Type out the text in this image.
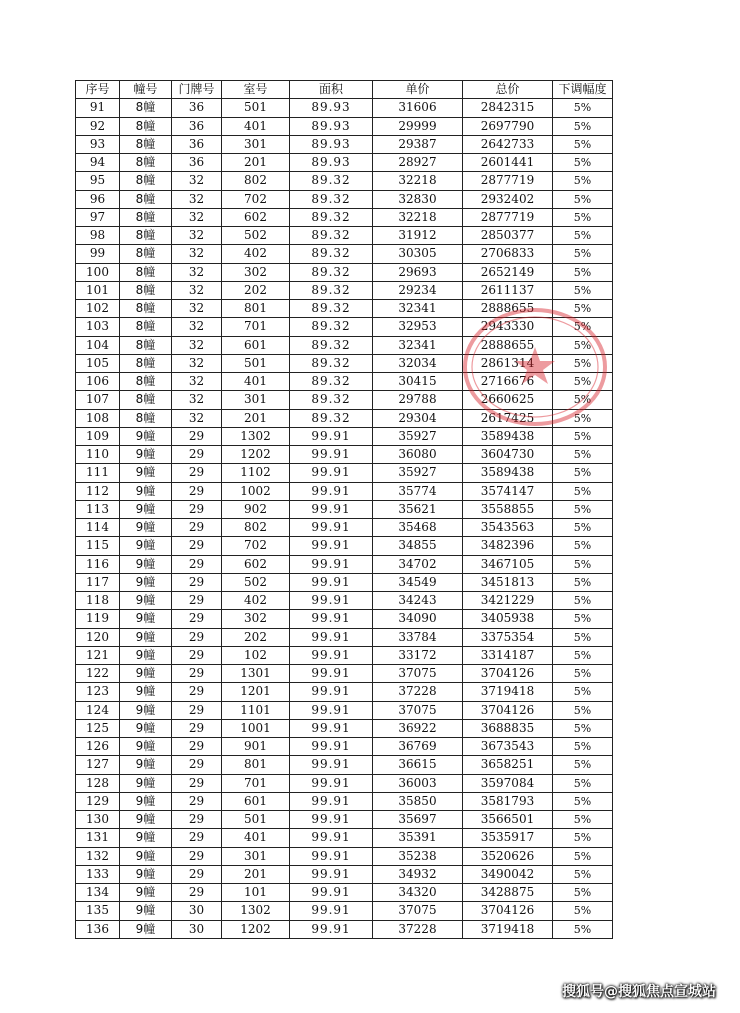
序号	幢号	门牌号	室号	面积	单价	总价	下调幅度
91	8幢	36	501	89.93	31606	2842315	5%
92	8幢	36	401	89.93	29999	2697790	5%
93	8幢	36	301	89.93	29387	2642733	5%
94	8幢	36	201	89.93	28927	2601441	5%
95	8幢	32	802	89.32	32218	2877719	5%
96	8幢	32	702	89.32	32830	2932402	5%
97	8幢	32	602	89.32	32218	2877719	5%
98	8幢	32	502	89.32	31912	2850377	5%
99	8幢	32	402	89.32	30305	2706833	5%
100	8幢	32	302	89.32	29693	2652149	5%
101	8幢	32	202	89.32	29234	2611137	5%
102	8幢	32	801	89.32	32341	2888655	5%
103	8幢	32	701	89.32	32953	2943330	5%
104	8幢	32	601	89.32	32341	2888655	5%
105	8幢	32	501	89.32	32034	2861314	5%
106	8幢	32	401	89.32	30415	2716676	5%
107	8幢	32	301	89.32	29788	2660625	5%
108	8幢	32	201	89.32	29304	2617425	5%
109	9幢	29	1302	99.91	35927	3589438	5%
110	9幢	29	1202	99.91	36080	3604730	5%
111	9幢	29	1102	99.91	35927	3589438	5%
112	9幢	29	1002	99.91	35774	3574147	5%
113	9幢	29	902	99.91	35621	3558855	5%
114	9幢	29	802	99.91	35468	3543563	5%
115	9幢	29	702	99.91	34855	3482396	5%
116	9幢	29	602	99.91	34702	3467105	5%
117	9幢	29	502	99.91	34549	3451813	5%
118	9幢	29	402	99.91	34243	3421229	5%
119	9幢	29	302	99.91	34090	3405938	5%
120	9幢	29	202	99.91	33784	3375354	5%
121	9幢	29	102	99.91	33172	3314187	5%
122	9幢	29	1301	99.91	37075	3704126	5%
123	9幢	29	1201	99.91	37228	3719418	5%
124	9幢	29	1101	99.91	37075	3704126	5%
125	9幢	29	1001	99.91	36922	3688835	5%
126	9幢	29	901	99.91	36769	3673543	5%
127	9幢	29	801	99.91	36615	3658251	5%
128	9幢	29	701	99.91	36003	3597084	5%
129	9幢	29	601	99.91	35850	3581793	5%
130	9幢	29	501	99.91	35697	3566501	5%
131	9幢	29	401	99.91	35391	3535917	5%
132	9幢	29	301	99.91	35238	3520626	5%
133	9幢	29	201	99.91	34932	3490042	5%
134	9幢	29	101	99.91	34320	3428875	5%
135	9幢	30	1302	99.91	37075	3704126	5%
136	9幢	30	1202	99.91	37228	3719418	5%
搜狐号@搜狐焦点宣城站
